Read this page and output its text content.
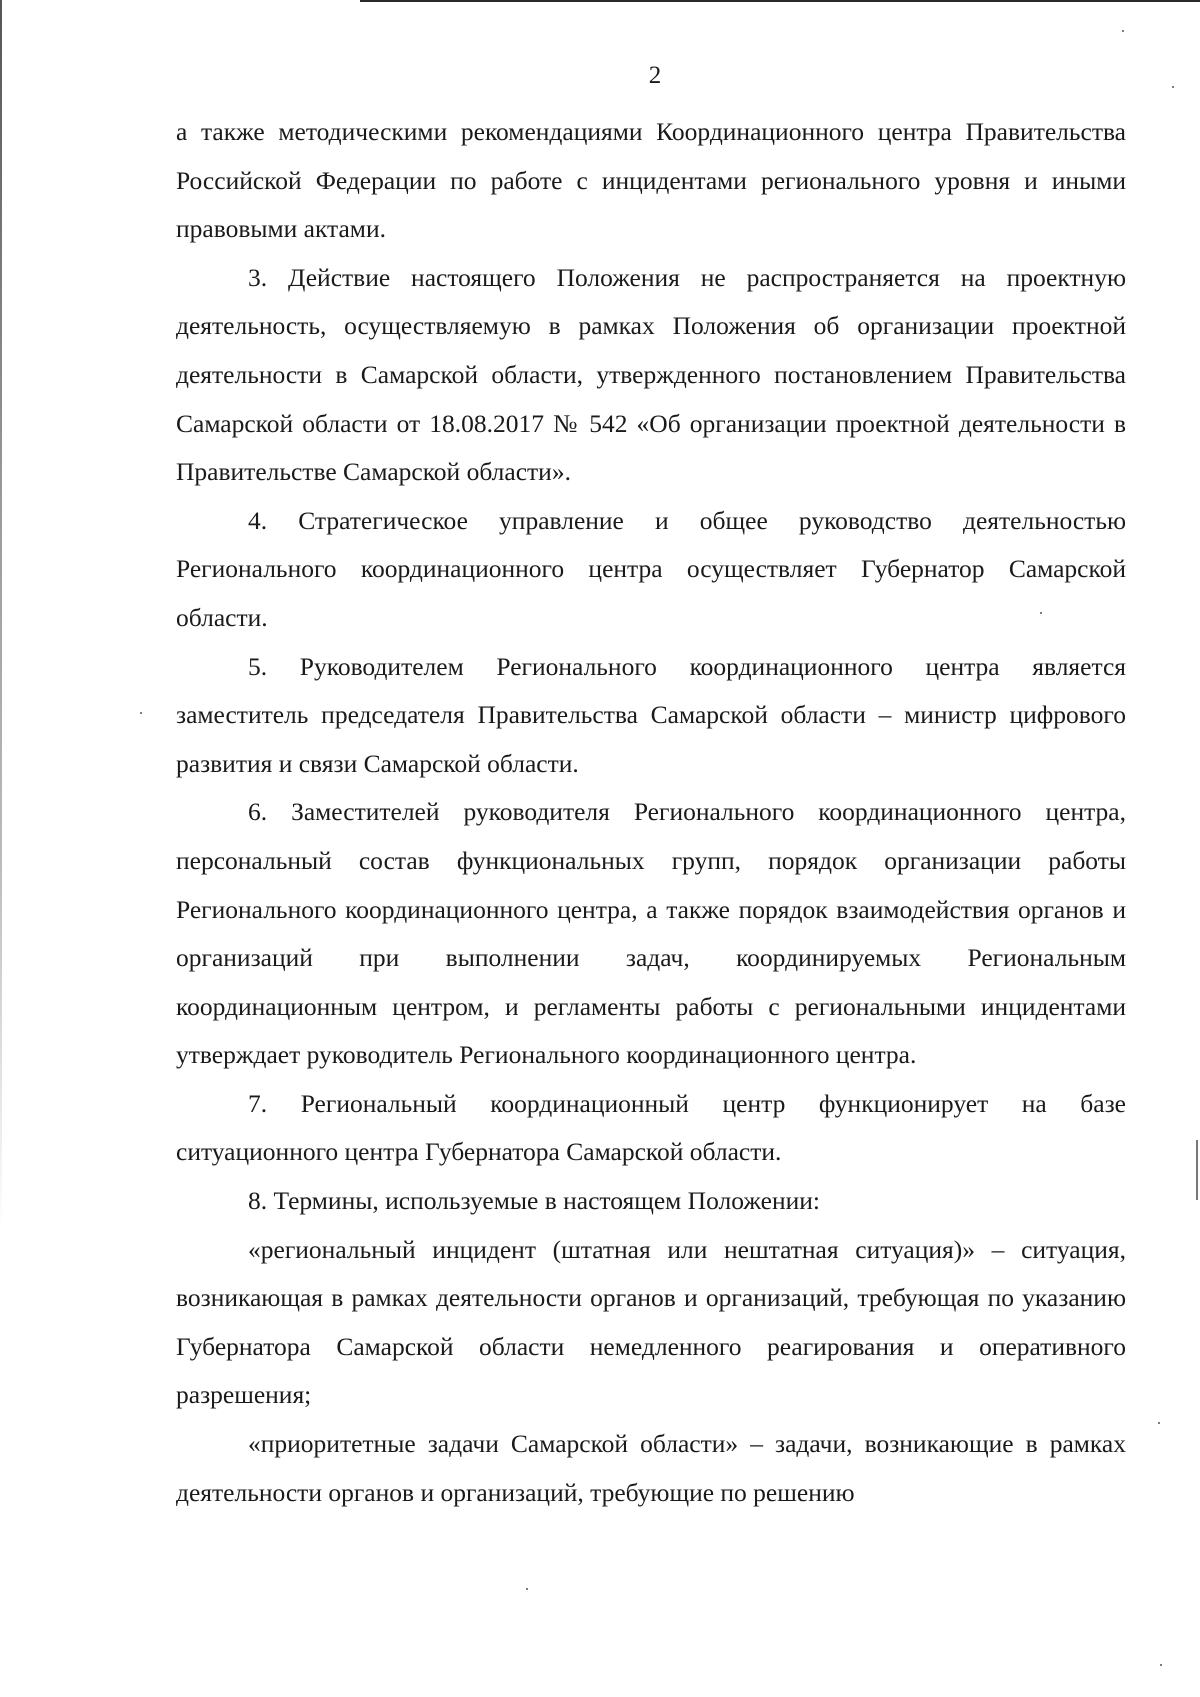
2

а также методическими рекомендациями Координационного центра Правительства Российской Федерации по работе с инцидентами регионального уровня и иными правовыми актами.

3. Действие настоящего Положения не распространяется на проектную деятельность, осуществляемую в рамках Положения об организации проектной деятельности в Самарской области, утвержденного постановлением Правительства Самарской области от 18.08.2017 № 542 «Об организации проектной деятельности в Правительстве Самарской области».

4. Стратегическое управление и общее руководство деятельностью Регионального координационного центра осуществляет Губернатор Самарской области.

5. Руководителем Регионального координационного центра является заместитель председателя Правительства Самарской области – министр цифрового развития и связи Самарской области.

6. Заместителей руководителя Регионального координационного центра, персональный состав функциональных групп, порядок организации работы Регионального координационного центра, а также порядок взаимодействия органов и организаций при выполнении задач, координируемых Региональным координационным центром, и регламенты работы с региональными инцидентами утверждает руководитель Регионального координационного центра.

7. Региональный координационный центр функционирует на базе ситуационного центра Губернатора Самарской области.

8. Термины, используемые в настоящем Положении:

«региональный инцидент (штатная или нештатная ситуация)» – ситуация, возникающая в рамках деятельности органов и организаций, требующая по указанию Губернатора Самарской области немедленного реагирования и оперативного разрешения;

«приоритетные задачи Самарской области» – задачи, возникающие в рамках деятельности органов и организаций, требующие по решению
